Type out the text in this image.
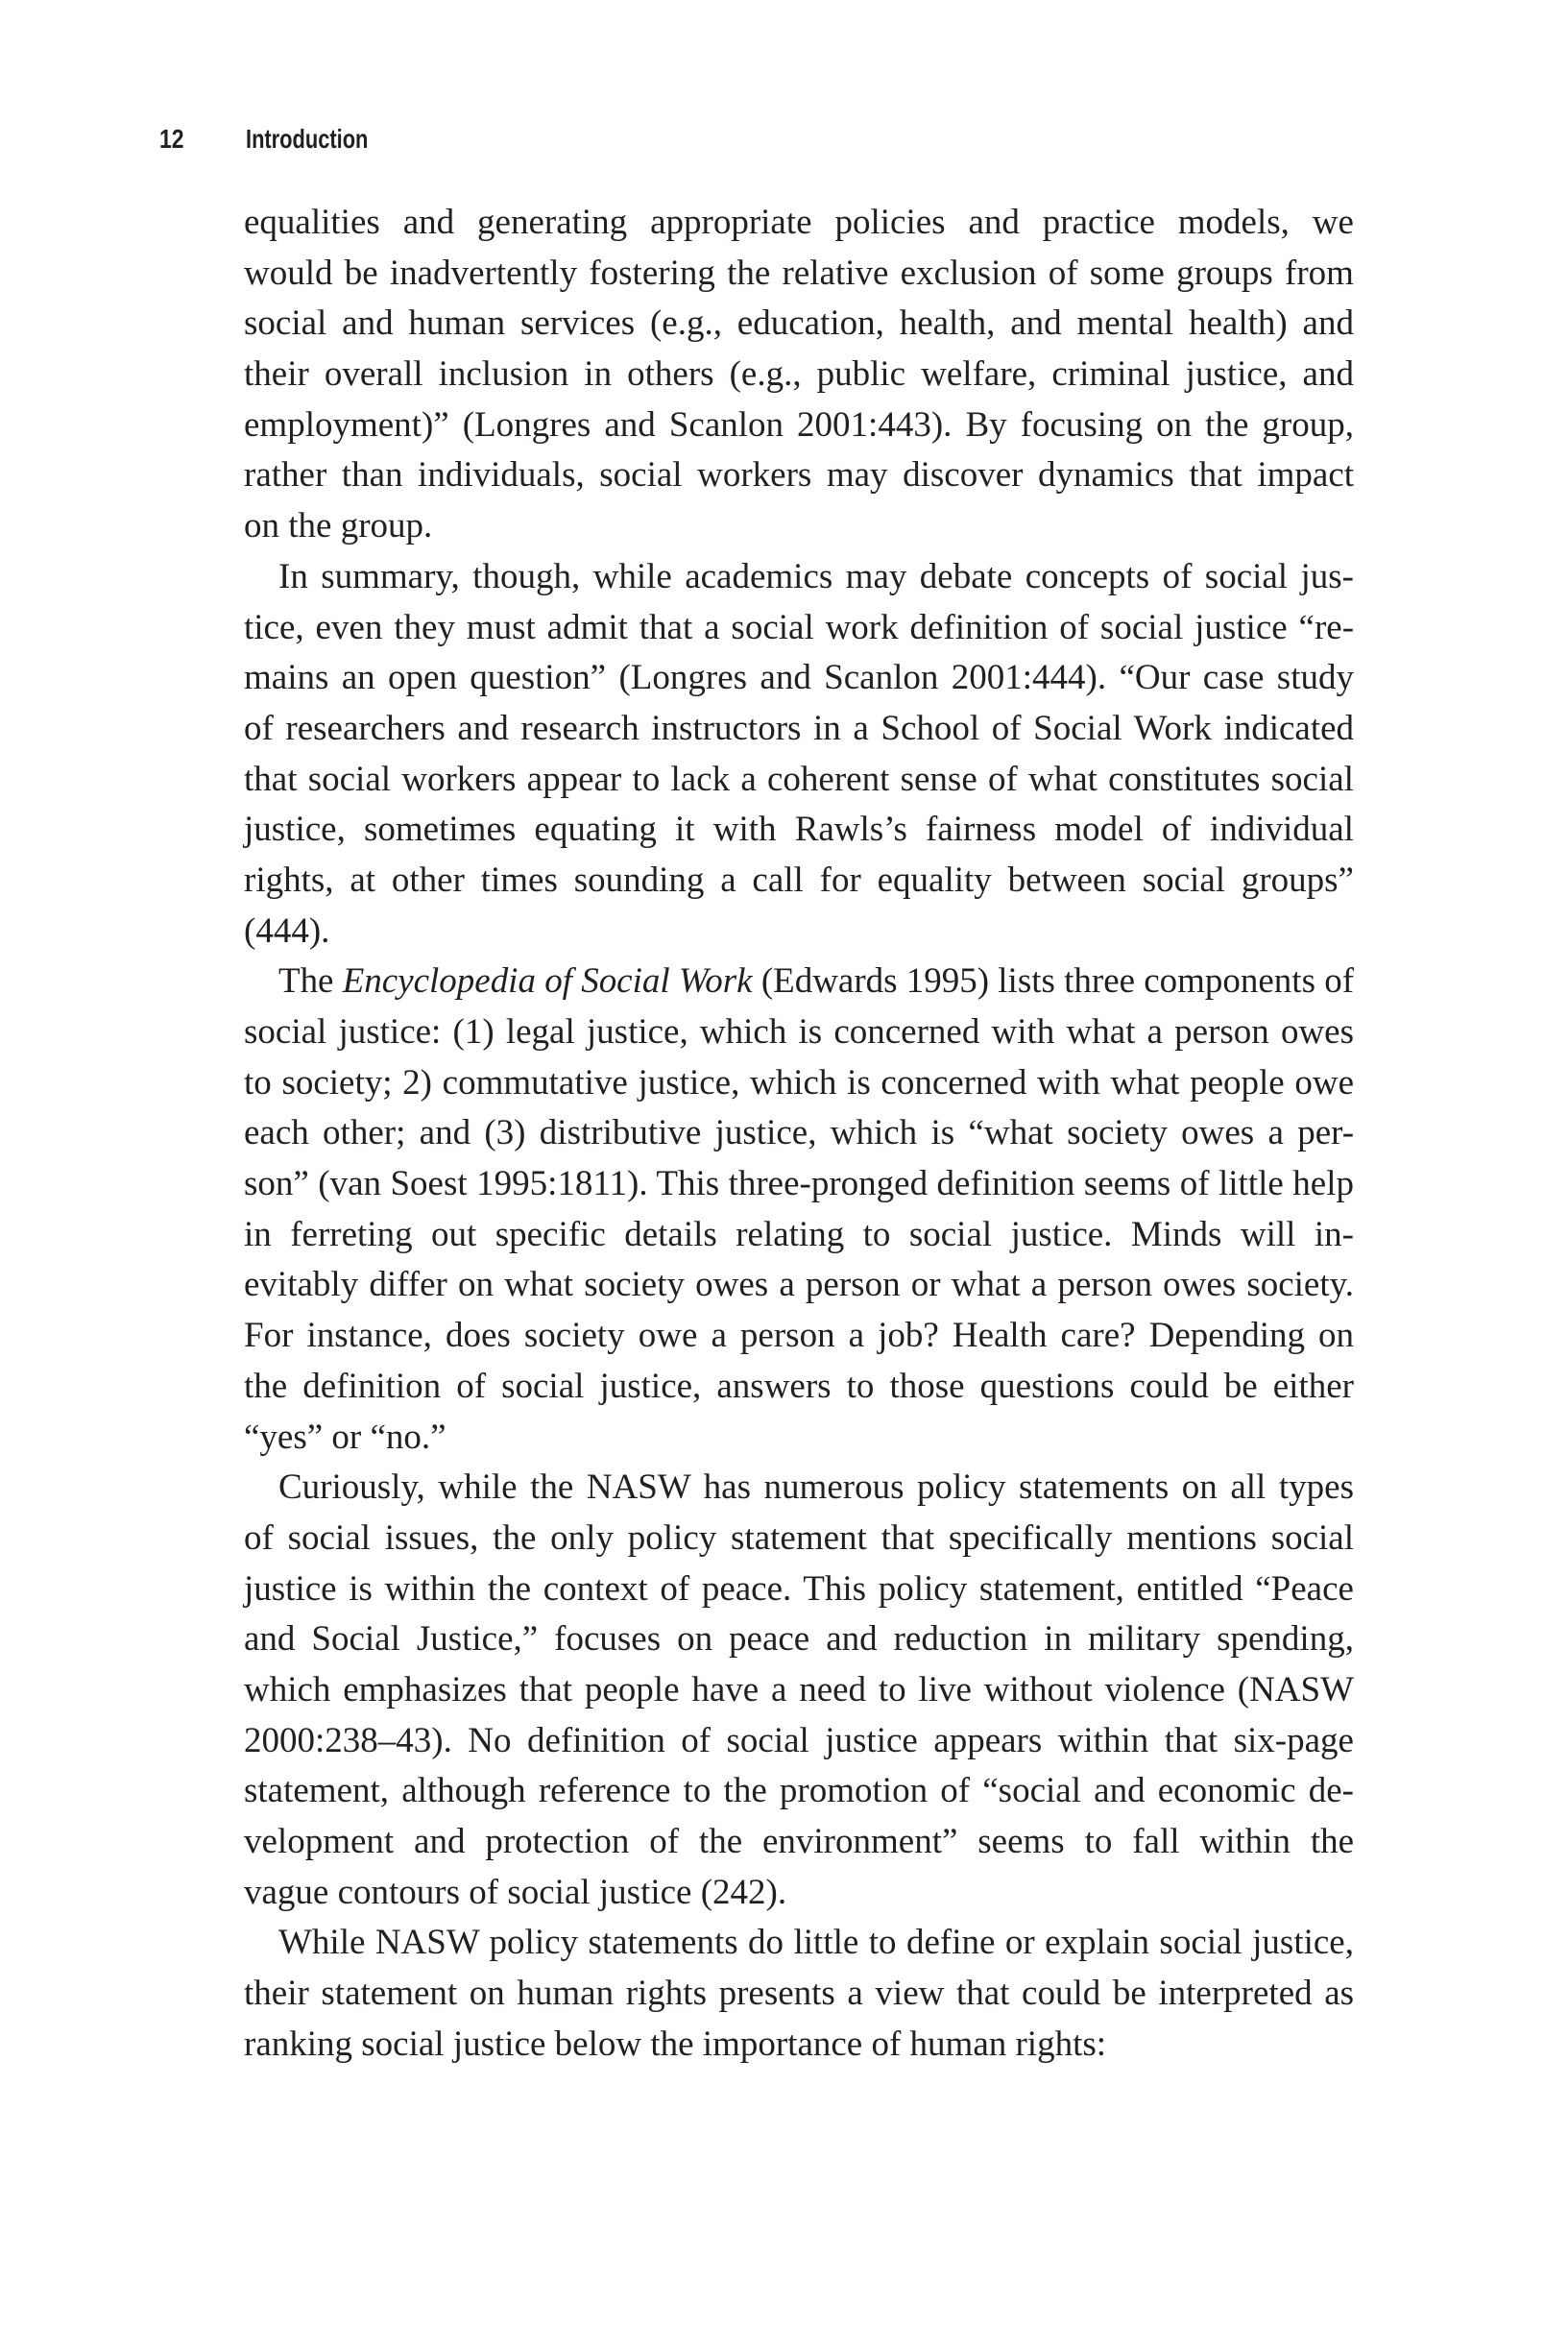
12 Introduction
equalities and generating appropriate policies and practice models, we
would be inadvertently fostering the relative exclusion of some groups from
social and human services (e.g., education, health, and mental health) and
their overall inclusion in others (e.g., public welfare, criminal justice, and
employment)” (Longres and Scanlon 2001:443). By focusing on the group,
rather than individuals, social workers may discover dynamics that impact
on the group.
In summary, though, while academics may debate concepts of social jus-
tice, even they must admit that a social work definition of social justice “re-
mains an open question” (Longres and Scanlon 2001:444). “Our case study
of researchers and research instructors in a School of Social Work indicated
that social workers appear to lack a coherent sense of what constitutes social
justice, sometimes equating it with Rawls’s fairness model of individual
rights, at other times sounding a call for equality between social groups”
(444).
The Encyclopedia of Social Work (Edwards 1995) lists three components of
social justice: (1) legal justice, which is concerned with what a person owes
to society; 2) commutative justice, which is concerned with what people owe
each other; and (3) distributive justice, which is “what society owes a per-
son” (van Soest 1995:1811). This three-pronged definition seems of little help
in ferreting out specific details relating to social justice. Minds will in-
evitably differ on what society owes a person or what a person owes society.
For instance, does society owe a person a job? Health care? Depending on
the definition of social justice, answers to those questions could be either
“yes” or “no.”
Curiously, while the NASW has numerous policy statements on all types
of social issues, the only policy statement that specifically mentions social
justice is within the context of peace. This policy statement, entitled “Peace
and Social Justice,” focuses on peace and reduction in military spending,
which emphasizes that people have a need to live without violence (NASW
2000:238–43). No definition of social justice appears within that six-page
statement, although reference to the promotion of “social and economic de-
velopment and protection of the environment” seems to fall within the
vague contours of social justice (242).
While NASW policy statements do little to define or explain social justice,
their statement on human rights presents a view that could be interpreted as
ranking social justice below the importance of human rights:
